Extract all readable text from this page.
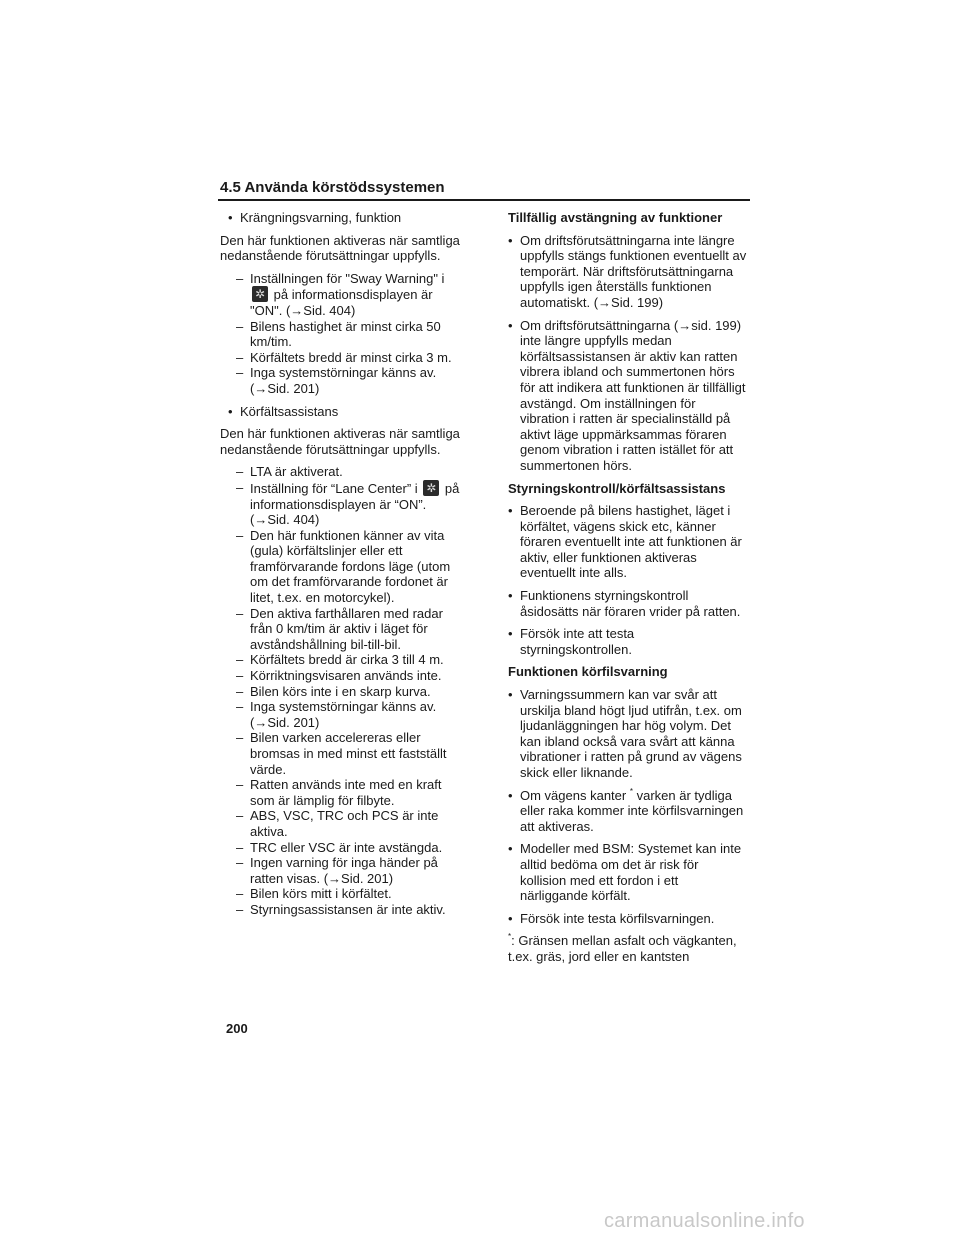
4.5 Använda körstödssystemen
• Krängningsvarning, funktion

Den här funktionen aktiveras när samtliga nedanstående förutsättningar uppfylls.

– Inställningen för "Sway Warning" i ✲ på informationsdisplayen är "ON". (→Sid. 404)
– Bilens hastighet är minst cirka 50 km/tim.
– Körfältets bredd är minst cirka 3 m.
– Inga systemstörningar känns av. (→Sid. 201)
• Körfältsassistans

Den här funktionen aktiveras när samtliga nedanstående förutsättningar uppfylls.

– LTA är aktiverat.
– Inställning för “Lane Center” i ✲ på informationsdisplayen är “ON”. (→Sid. 404)
– Den här funktionen känner av vita (gula) körfältslinjer eller ett framförvarande fordons läge (utom om det framförvarande fordonet är litet, t.ex. en motorcykel).
– Den aktiva farthållaren med radar från 0 km/tim är aktiv i läget för avståndshållning bil-till-bil.
– Körfältets bredd är cirka 3 till 4 m.
– Körriktningsvisaren används inte.
– Bilen körs inte i en skarp kurva.
– Inga systemstörningar känns av. (→Sid. 201)
– Bilen varken accelereras eller bromsas in med minst ett fastställt värde.
– Ratten används inte med en kraft som är lämplig för filbyte.
– ABS, VSC, TRC och PCS är inte aktiva.
– TRC eller VSC är inte avstängda.
– Ingen varning för inga händer på ratten visas. (→Sid. 201)
– Bilen körs mitt i körfältet.
– Styrningsassistansen är inte aktiv.
Tillfällig avstängning av funktioner
• Om driftsförutsättningarna inte längre uppfylls stängs funktionen eventuellt av temporärt. När driftsförutsättningarna uppfylls igen återställs funktionen automatiskt. (→Sid. 199)
• Om driftsförutsättningarna (→sid. 199) inte längre uppfylls medan körfältsassistansen är aktiv kan ratten vibrera ibland och summertonen hörs för att indikera att funktionen är tillfälligt avstängd. Om inställningen för vibration i ratten är specialinställd på aktivt läge uppmärksammas föraren genom vibration i ratten istället för att summertonen hörs.
Styrningskontroll/körfältsassistans
• Beroende på bilens hastighet, läget i körfältet, vägens skick etc, känner föraren eventuellt inte att funktionen är aktiv, eller funktionen aktiveras eventuellt inte alls.
• Funktionens styrningskontroll åsidosätts när föraren vrider på ratten.
• Försök inte att testa styrningskontrollen.
Funktionen körfilsvarning
• Varningssummern kan var svår att urskilja bland högt ljud utifrån, t.ex. om ljudanläggningen har hög volym. Det kan ibland också vara svårt att känna vibrationer i ratten på grund av vägens skick eller liknande.
• Om vägens kanter * varken är tydliga eller raka kommer inte körfilsvarningen att aktiveras.
• Modeller med BSM: Systemet kan inte alltid bedöma om det är risk för kollision med ett fordon i ett närliggande körfält.
• Försök inte testa körfilsvarningen.

*: Gränsen mellan asfalt och vägkanten, t.ex. gräs, jord eller en kantsten

200
carmanualsonline.info
